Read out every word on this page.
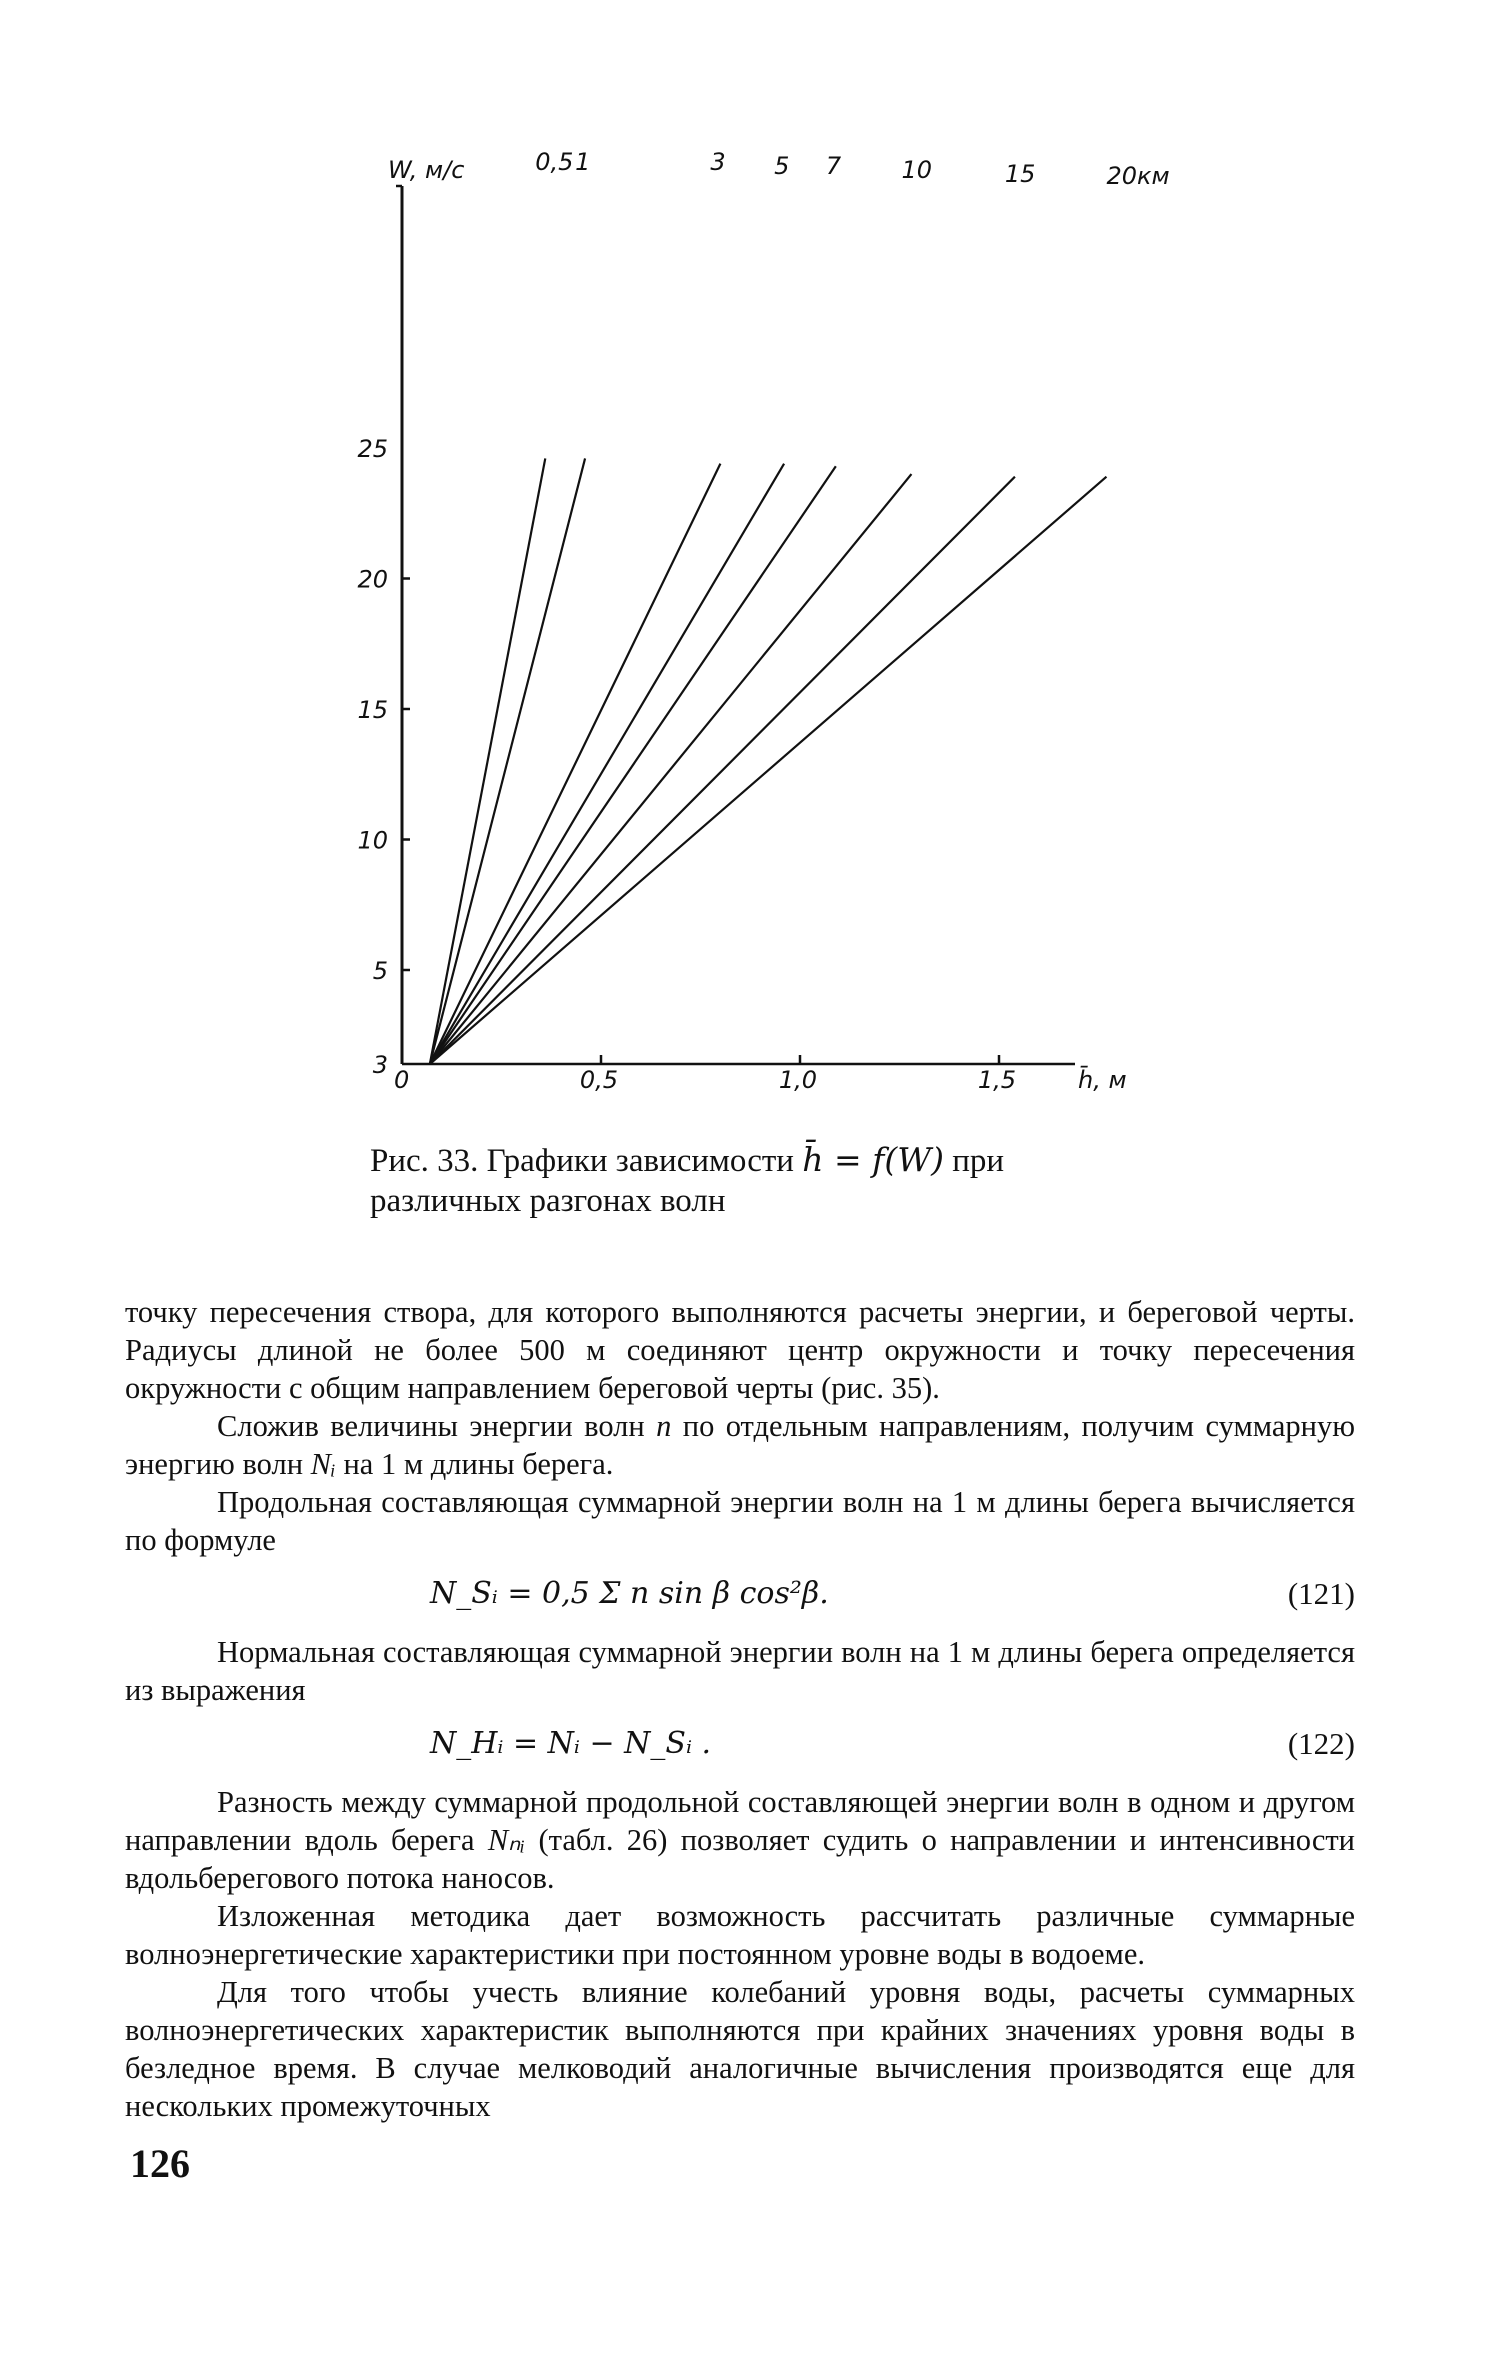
W, м/с
h̄, м
0
3
5
10
15
20
25
0,5	1,0	1,5
0,5 1	3 5 7	10	15	20км
Рис. 33. Графики зависимости h̄ = f(W) при различных разгонах волн

точку пересечения створа, для которого выполняются расчеты энергии, и береговой черты. Радиусы длиной не более 500 м соединяют центр окружности и точку пересечения окружности с общим направлением береговой черты (рис. 35).

Сложив величины энергии волн n по отдельным направлениям, получим суммарную энергию волн Nᵢ на 1 м длины берега.

Продольная составляющая суммарной энергии волн на 1 м длины берега вычисляется по формуле

N_Sᵢ = 0,5 Σ n sin β cos²β.	(121)

Нормальная составляющая суммарной энергии волн на 1 м длины берега определяется из выражения

N_Hᵢ = Nᵢ − N_Sᵢ .	(122)

Разность между суммарной продольной составляющей энергии волн в одном и другом направлении вдоль берега Nₙᵢ (табл. 26) позволяет судить о направлении и интенсивности вдольберегового потока наносов.

Изложенная методика дает возможность рассчитать различные суммарные волноэнергетические характеристики при постоянном уровне воды в водоеме.

Для того чтобы учесть влияние колебаний уровня воды, расчеты суммарных волноэнергетических характеристик выполняются при крайних значениях уровня воды в безледное время. В случае мелководий аналогичные вычисления производятся еще для нескольких промежуточных

126
